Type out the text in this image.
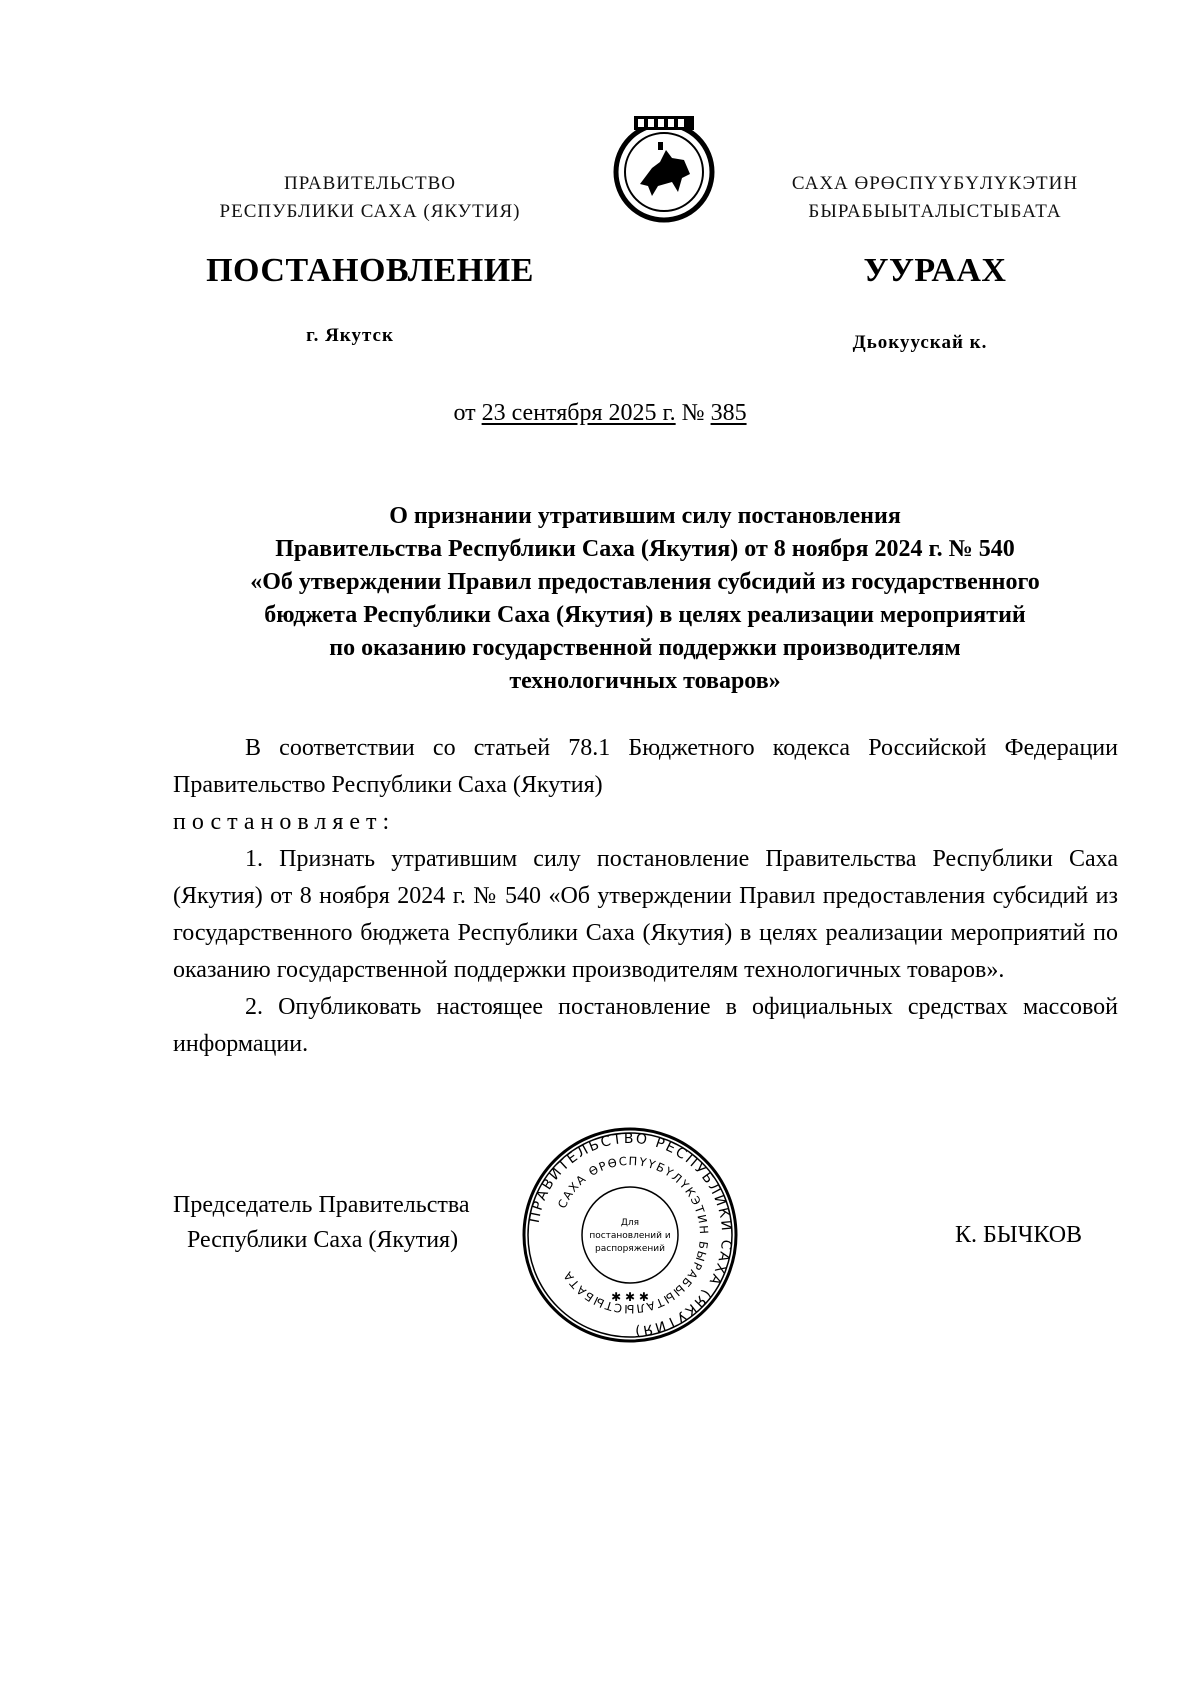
ПРАВИТЕЛЬСТВО
РЕСПУБЛИКИ САХА (ЯКУТИЯ)
САХА ӨРӨСПҮҮБҮЛҮКЭТИН
БЫРАБЫЫТАЛЫСТЫБАТА
ПОСТАНОВЛЕНИЕ	УУРААХ
г. Якутск	Дьокуускай к.
от 23 сентября 2025 г. № 385
О признании утратившим силу постановления
Правительства Республики Саха (Якутия) от 8 ноября 2024 г. № 540
«Об утверждении Правил предоставления субсидий из государственного
бюджета Республики Саха (Якутия) в целях реализации мероприятий
по оказанию государственной поддержки производителям
технологичных товаров»

В соответствии со статьей 78.1 Бюджетного кодекса Российской Федерации Правительство Республики Саха (Якутия)
постановляет:

1. Признать утратившим силу постановление Правительства Республики Саха (Якутия) от 8 ноября 2024 г. № 540 «Об утверждении Правил предоставления субсидий из государственного бюджета Республики Саха (Якутия) в целях реализации мероприятий по оказанию государственной поддержки производителям технологичных товаров».

2. Опубликовать настоящее постановление в официальных средствах массовой информации.

Председатель Правительства
Республики Саха (Якутия)	К. БЫЧКОВ
ПРАВИТЕЛЬСТВО РЕСПУБЛИКИ САХА (ЯКУТИЯ)
САХА ӨРӨСПҮҮБҮЛҮКЭТИН БЫРАБЫЫТАЛЫСТЫБАТА
Для
постановлений и
распоряжений
✱ ✱ ✱
